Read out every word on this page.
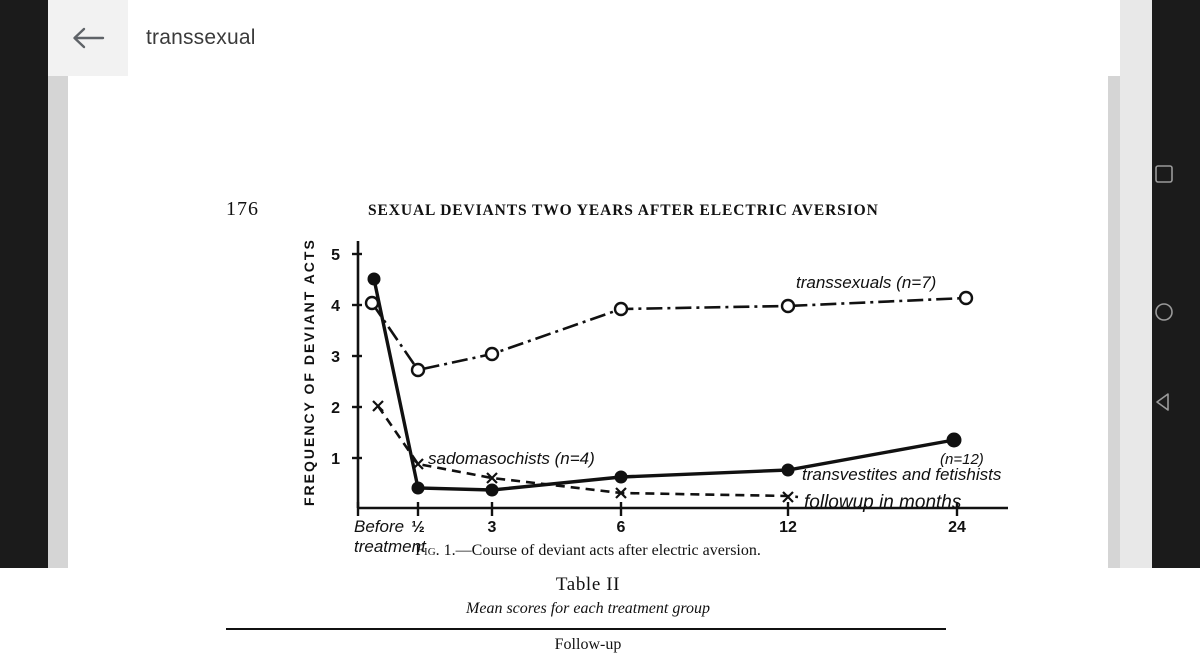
transsexual
176	SEXUAL DEVIANTS TWO YEARS AFTER ELECTRIC AVERSION
5
4
3
2
1
FREQUENCY OF DEVIANT ACTS
½	3	6	12	24
Before
treatment
transsexuals (n=7)
transvestites and fetishists
(n=12)
sadomasochists (n=4)
followup in months
Fig. 1.—Course of deviant acts after electric aversion.
Table II
Mean scores for each treatment group
Follow-up
